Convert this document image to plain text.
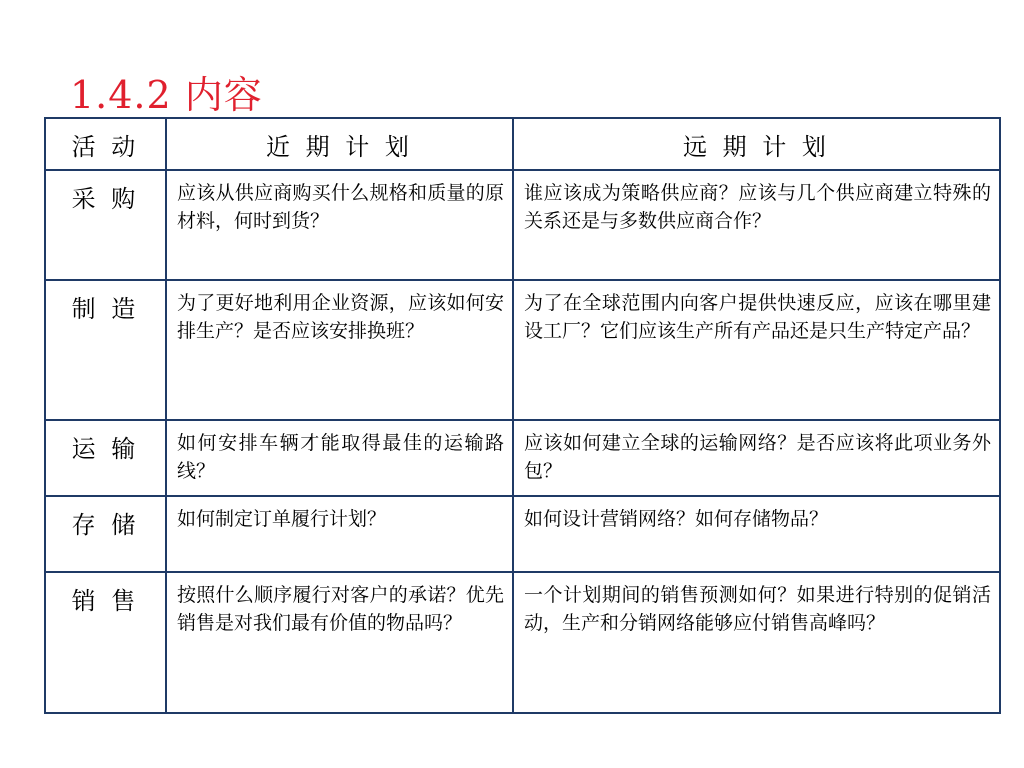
1.4.2 内容
活 动	近 期 计 划	远 期 计 划
采 购	应该从供应商购买什么规格和质量的原材料，何时到货？	谁应该成为策略供应商？应该与几个供应商建立特殊的关系还是与多数供应商合作？
制 造	为了更好地利用企业资源，应该如何安排生产？是否应该安排换班？	为了在全球范围内向客户提供快速反应，应该在哪里建设工厂？它们应该生产所有产品还是只生产特定产品？
运 输	如何安排车辆才能取得最佳的运输路线？	应该如何建立全球的运输网络？是否应该将此项业务外包？
存 储	如何制定订单履行计划？	如何设计营销网络？如何存储物品？
销 售	按照什么顺序履行对客户的承诺？优先销售是对我们最有价值的物品吗？	一个计划期间的销售预测如何？如果进行特别的促销活动，生产和分销网络能够应付销售高峰吗？
